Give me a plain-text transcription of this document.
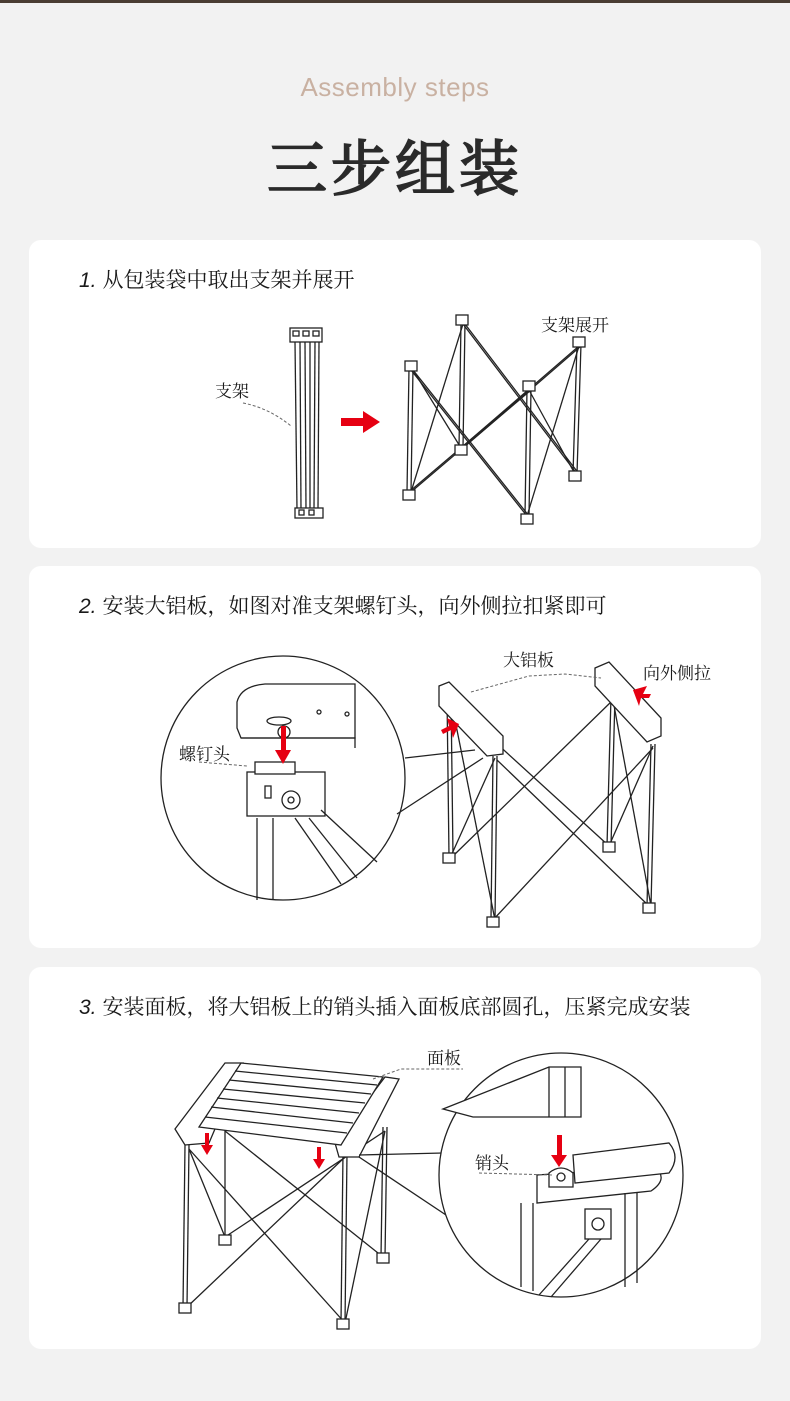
Assembly steps
三步组装
1. 从包装袋中取出支架并展开
支架
支架展开
2. 安装大铝板，如图对准支架螺钉头，向外侧拉扣紧即可
螺钉头
大铝板
向外侧拉
3. 安装面板，将大铝板上的销头插入面板底部圆孔，压紧完成安装
面板
销头
